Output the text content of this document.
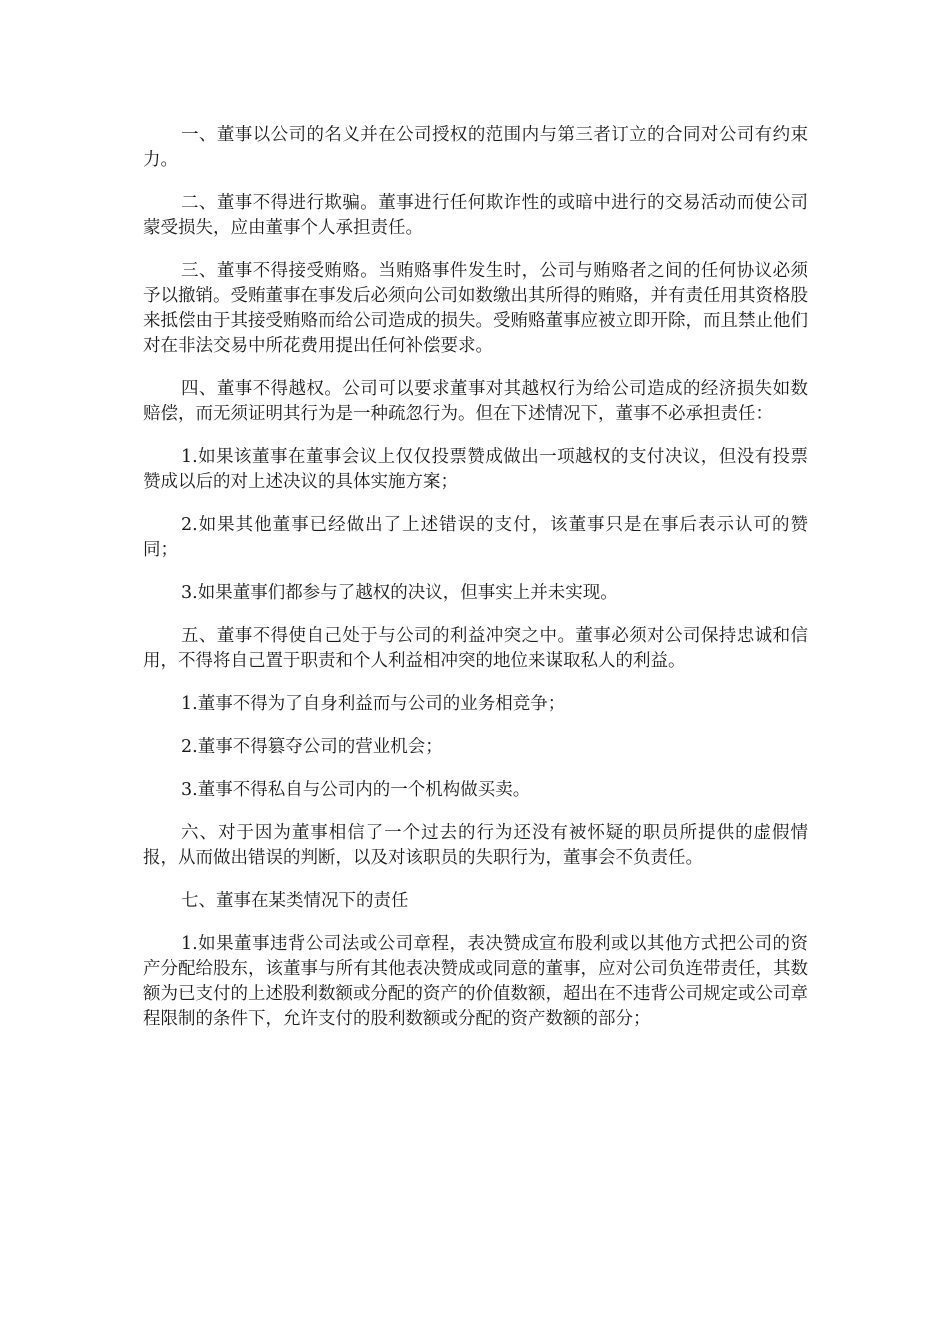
一、董事以公司的名义并在公司授权的范围内与第三者订立的合同对公司有约束力。

二、董事不得进行欺骗。董事进行任何欺诈性的或暗中进行的交易活动而使公司蒙受损失，应由董事个人承担责任。

三、董事不得接受贿赂。当贿赂事件发生时，公司与贿赂者之间的任何协议必须予以撤销。受贿董事在事发后必须向公司如数缴出其所得的贿赂，并有责任用其资格股来抵偿由于其接受贿赂而给公司造成的损失。受贿赂董事应被立即开除，而且禁止他们对在非法交易中所花费用提出任何补偿要求。

四、董事不得越权。公司可以要求董事对其越权行为给公司造成的经济损失如数赔偿，而无须证明其行为是一种疏忽行为。但在下述情况下，董事不必承担责任：

1.如果该董事在董事会议上仅仅投票赞成做出一项越权的支付决议，但没有投票赞成以后的对上述决议的具体实施方案；

2.如果其他董事已经做出了上述错误的支付，该董事只是在事后表示认可的赞同；

3.如果董事们都参与了越权的决议，但事实上并未实现。

五、董事不得使自己处于与公司的利益冲突之中。董事必须对公司保持忠诚和信用，不得将自己置于职责和个人利益相冲突的地位来谋取私人的利益。

1.董事不得为了自身利益而与公司的业务相竞争；

2.董事不得篡夺公司的营业机会；

3.董事不得私自与公司内的一个机构做买卖。

六、对于因为董事相信了一个过去的行为还没有被怀疑的职员所提供的虚假情报，从而做出错误的判断，以及对该职员的失职行为，董事会不负责任。

七、董事在某类情况下的责任

1.如果董事违背公司法或公司章程，表决赞成宣布股利或以其他方式把公司的资产分配给股东，该董事与所有其他表决赞成或同意的董事，应对公司负连带责任，其数额为已支付的上述股利数额或分配的资产的价值数额，超出在不违背公司规定或公司章程限制的条件下，允许支付的股利数额或分配的资产数额的部分；
